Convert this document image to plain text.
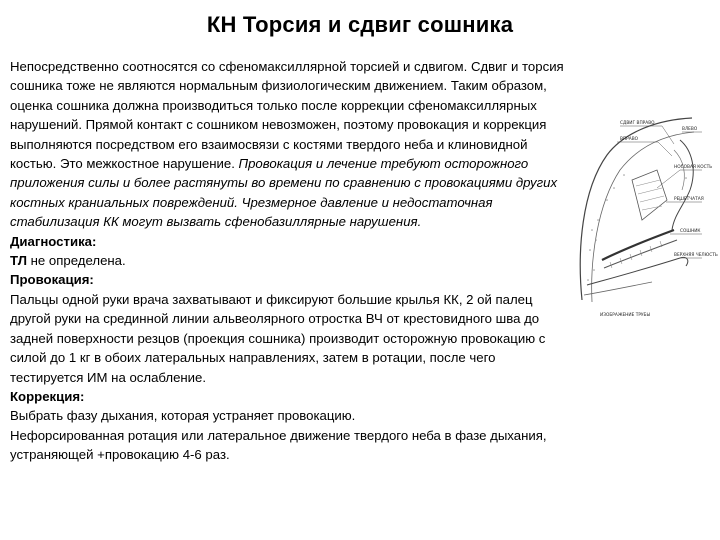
КН Торсия и сдвиг сошника

Непосредственно соотносятся со сфеномаксиллярной торсией и сдвигом. Сдвиг и торсия сошника тоже не являются нормальным физиологическим движением. Таким образом, оценка сошника должна производиться только после коррекции сфеномаксиллярных нарушений. Прямой контакт с сошником невозможен, поэтому провокация и коррекция выполняются посредством его взаимосвязи с костями твердого неба и клиновидной костью. Это межкостное нарушение. Провокация и лечение требуют осторожного приложения силы и более растянуты во времени по сравнению с провокациями других костных краниальных повреждений. Чрезмерное давление и недостаточная стабилизация КК могут вызвать сфенобазиллярные нарушения.

Диагностика:

ТЛ не определена.

Провокация:

Пальцы одной руки врача захватывают и фиксируют большие крылья КК, 2 ой палец другой руки на срединной линии альвеолярного отростка ВЧ от крестовидного шва до задней поверхности резцов (проекция сошника) производит осторожную провокацию с силой до 1 кг в обоих латеральных направлениях, затем в ротации, после чего тестируется ИМ на ослабление.

Коррекция:

Выбрать фазу дыхания, которая устраняет провокацию.

Нефорсированная ротация или латеральное движение твердого неба в фазе дыхания, устраняющей +провокацию 4-6 раз.

СДВИГ ВПРАВО
ВПРАВО
ВЛЕВО
НОСОВАЯ КОСТЬ
РЕШЕТЧАТАЯ
СОШНИК
ВЕРХНЯЯ ЧЕЛЮСТЬ
ИЗОБРАЖЕНИЕ ТРУБЫ
